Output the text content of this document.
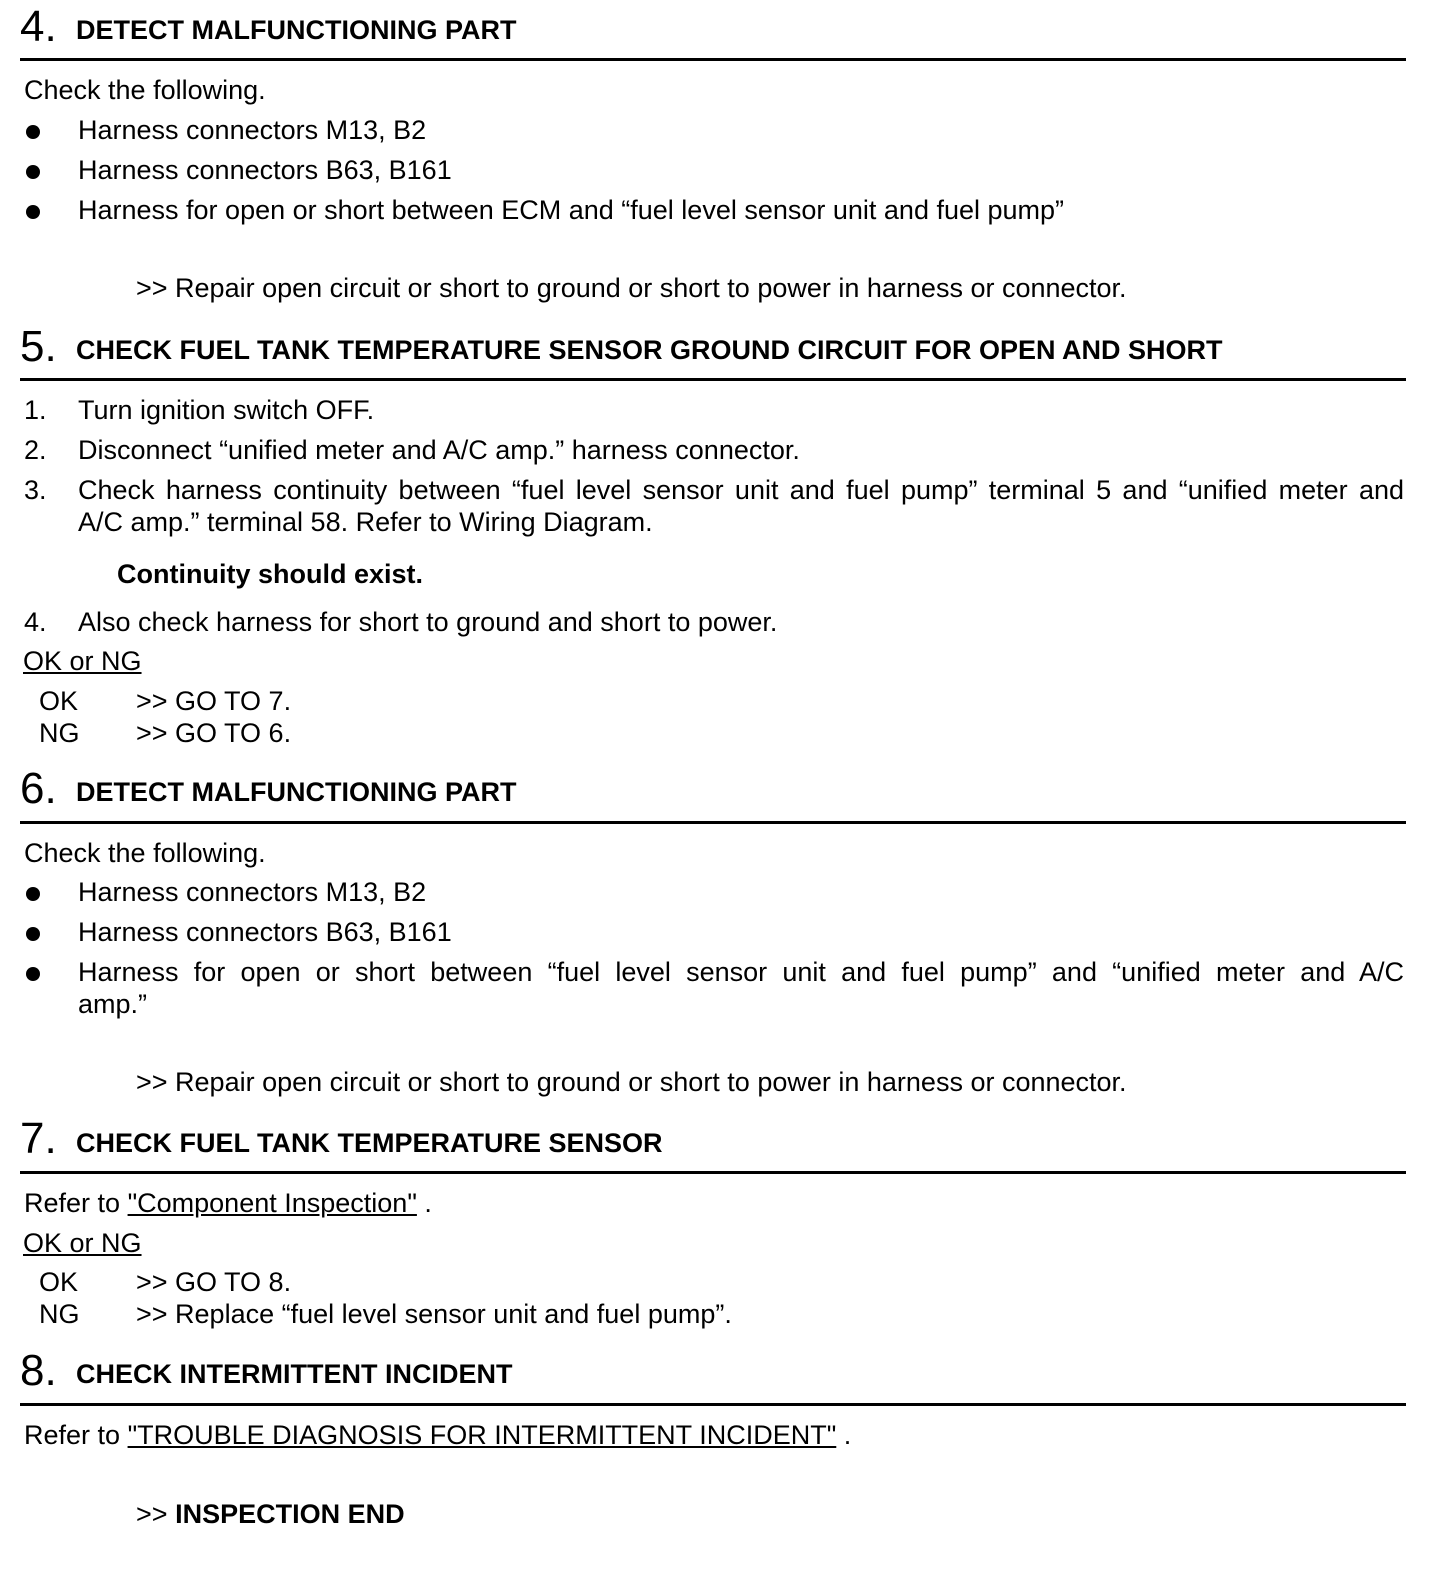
4. DETECT MALFUNCTIONING PART
Check the following.
Harness connectors M13, B2
Harness connectors B63, B161
Harness for open or short between ECM and “fuel level sensor unit and fuel pump”
>> Repair open circuit or short to ground or short to power in harness or connector.
5. CHECK FUEL TANK TEMPERATURE SENSOR GROUND CIRCUIT FOR OPEN AND SHORT
1. Turn ignition switch OFF.
2. Disconnect “unified meter and A/C amp.” harness connector.
3. Check harness continuity between “fuel level sensor unit and fuel pump” terminal 5 and “unified meter and
A/C amp.” terminal 58. Refer to Wiring Diagram.
Continuity should exist.
4. Also check harness for short to ground and short to power.
OK or NG
OK >> GO TO 7.
NG >> GO TO 6.
6. DETECT MALFUNCTIONING PART
Check the following.
Harness connectors M13, B2
Harness connectors B63, B161
Harness for open or short between “fuel level sensor unit and fuel pump” and “unified meter and A/C
amp.”
>> Repair open circuit or short to ground or short to power in harness or connector.
7. CHECK FUEL TANK TEMPERATURE SENSOR
Refer to "Component Inspection" .
OK or NG
OK >> GO TO 8.
NG >> Replace “fuel level sensor unit and fuel pump”.
8. CHECK INTERMITTENT INCIDENT
Refer to "TROUBLE DIAGNOSIS FOR INTERMITTENT INCIDENT" .
>> INSPECTION END
